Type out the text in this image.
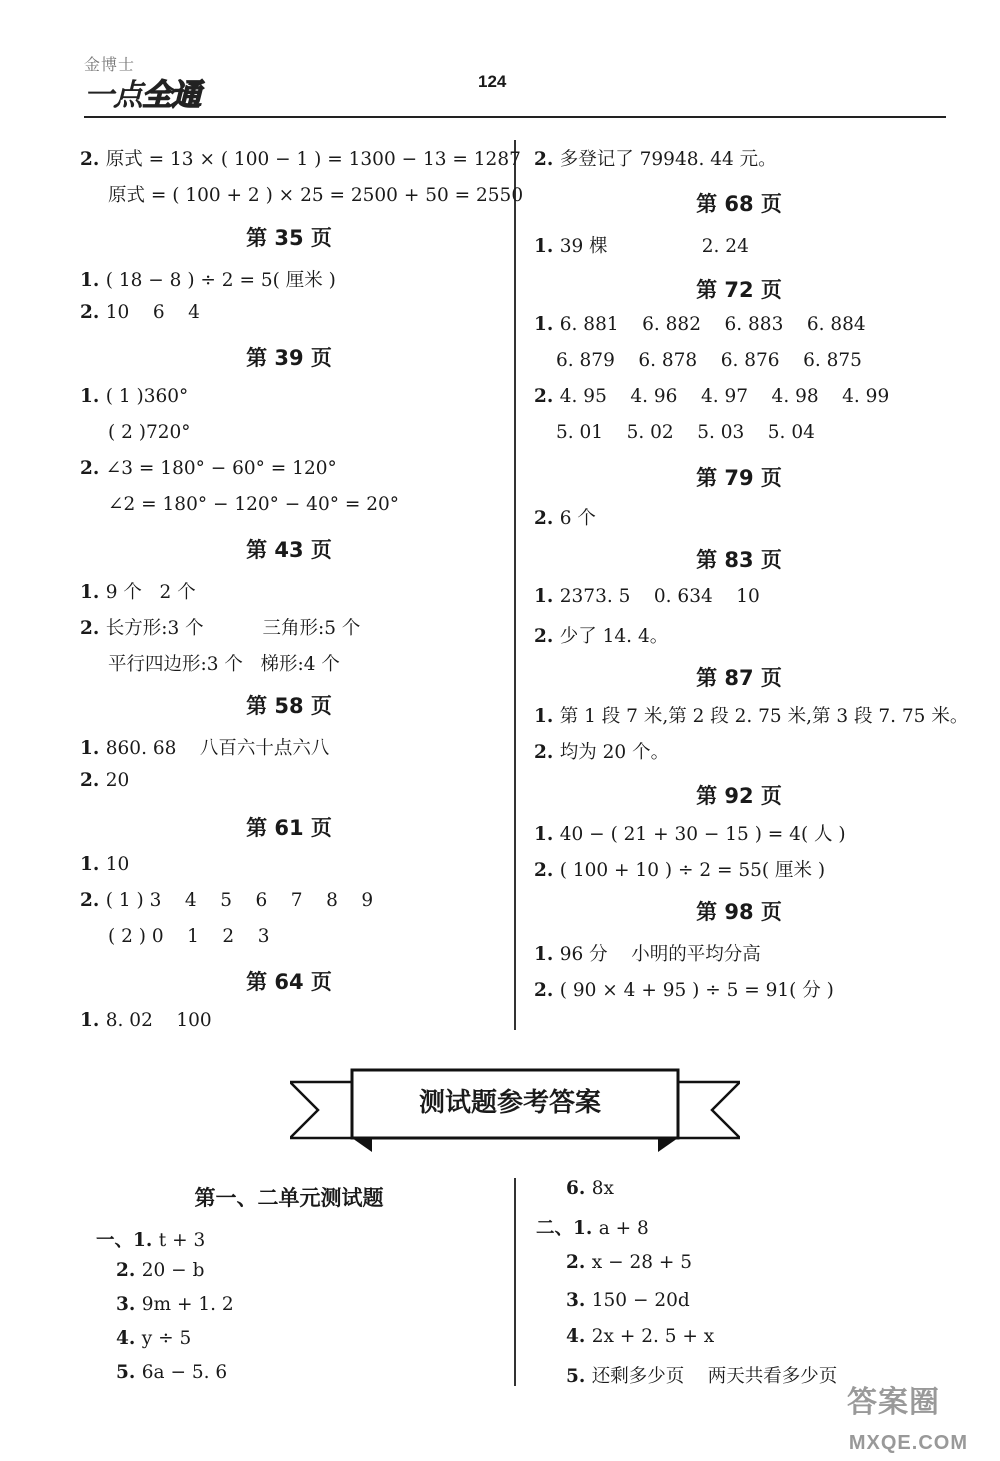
金博士
一点全通	124
2. 原式 = 13 × ( 100 − 1 ) = 1300 − 13 = 1287
原式 = ( 100 + 2 ) × 25 = 2500 + 50 = 2550
第 35 页
1. ( 18 − 8 ) ÷ 2 = 5( 厘米 )
2. 10    6    4
第 39 页
1. ( 1 )360°
( 2 )720°
2. ∠3 = 180° − 60° = 120°
∠2 = 180° − 120° − 40° = 20°
第 43 页
1. 9 个   2 个
2. 长方形:3 个          三角形:5 个
平行四边形:3 个   梯形:4 个
第 58 页
1. 860. 68    八百六十点六八
2. 20
第 61 页
1. 10
2. ( 1 ) 3    4    5    6    7    8    9
( 2 ) 0    1    2    3
第 64 页
1. 8. 02    100
2. 多登记了 79948. 44 元。
第 68 页
1. 39 棵                2. 24
第 72 页
1. 6. 881    6. 882    6. 883    6. 884
6. 879    6. 878    6. 876    6. 875
2. 4. 95    4. 96    4. 97    4. 98    4. 99
5. 01    5. 02    5. 03    5. 04
第 79 页
2. 6 个
第 83 页
1. 2373. 5    0. 634    10
2. 少了 14. 4。
第 87 页
1. 第 1 段 7 米,第 2 段 2. 75 米,第 3 段 7. 75 米。
2. 均为 20 个。
第 92 页
1. 40 − ( 21 + 30 − 15 ) = 4( 人 )
2. ( 100 + 10 ) ÷ 2 = 55( 厘米 )
第 98 页
1. 96 分    小明的平均分高
2. ( 90 × 4 + 95 ) ÷ 5 = 91( 分 )
测试题参考答案
第一、二单元测试题
一、1. t + 3
2. 20 − b
3. 9m + 1. 2
4. y ÷ 5
5. 6a − 5. 6
6. 8x
二、1. a + 8
2. x − 28 + 5
3. 150 − 20d
4. 2x + 2. 5 + x
5. 还剩多少页    两天共看多少页
MXQE.COM
答案圈
